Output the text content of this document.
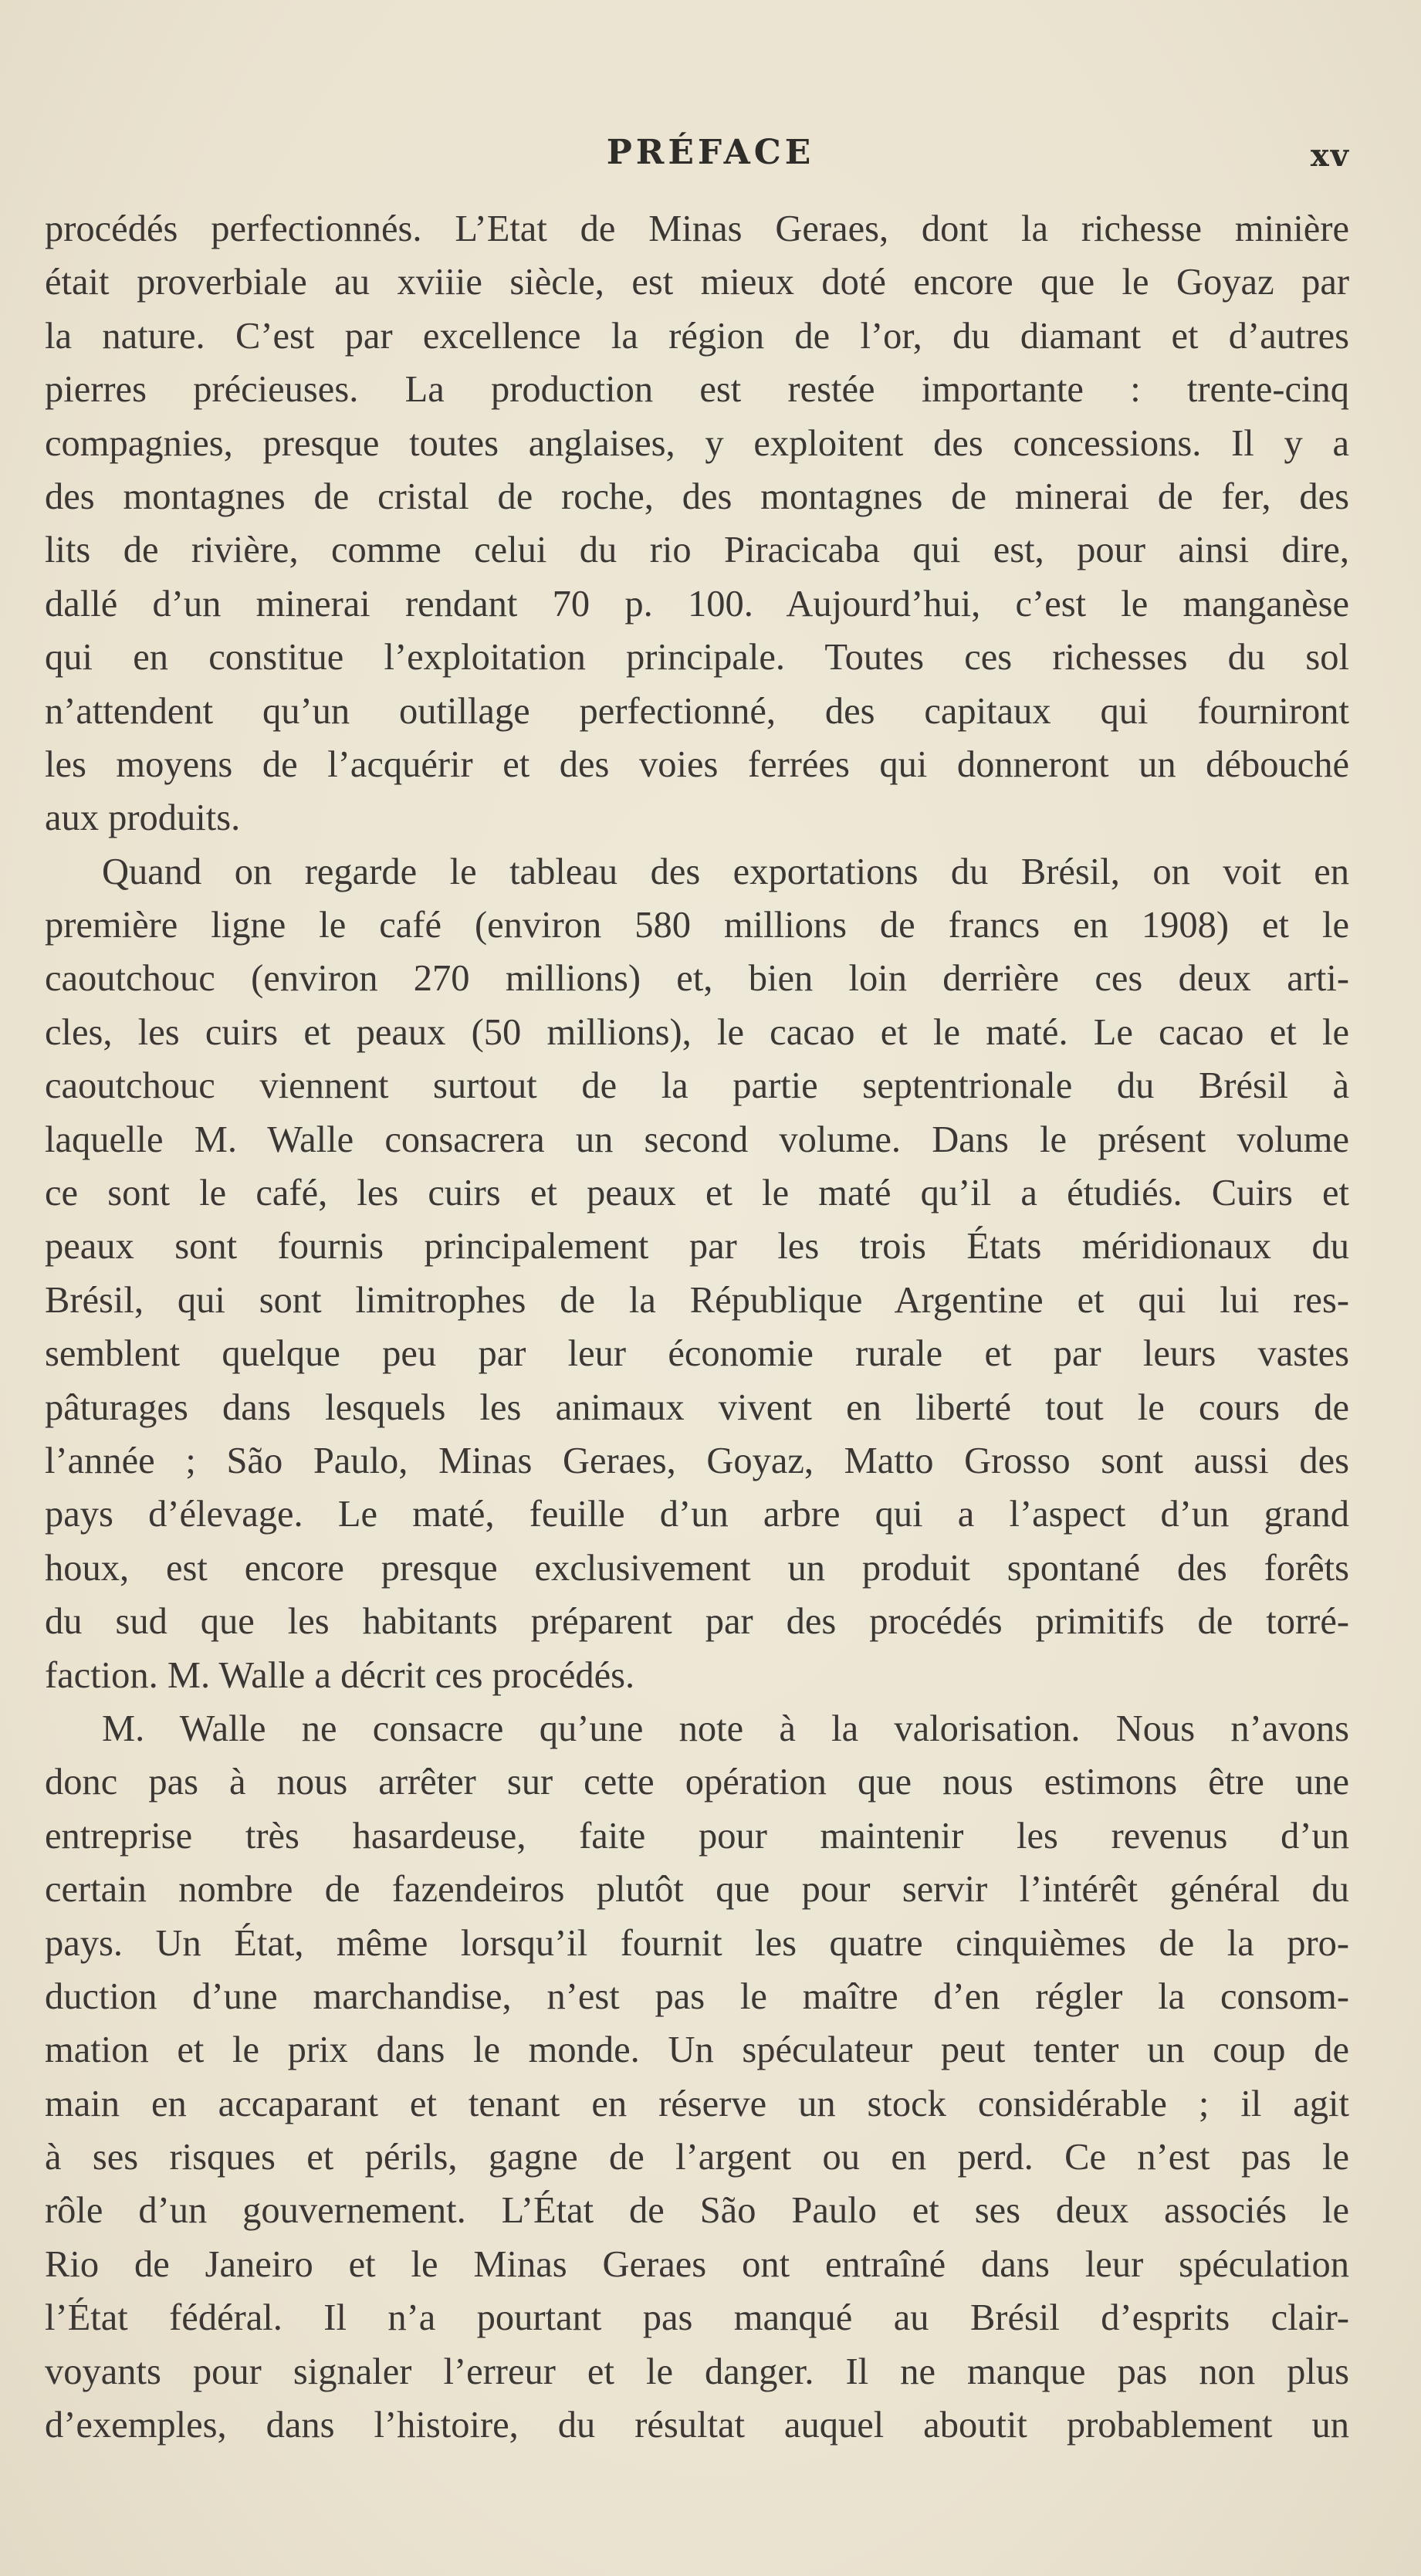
PRÉFACE	xv
procédés perfectionnés. L’Etat de Minas Geraes, dont la richesse minière
était proverbiale au xviiie siècle, est mieux doté encore que le Goyaz par
la nature. C’est par excellence la région de l’or, du diamant et d’autres
pierres précieuses. La production est restée importante : trente-cinq
compagnies, presque toutes anglaises, y exploitent des concessions. Il y a
des montagnes de cristal de roche, des montagnes de minerai de fer, des
lits de rivière, comme celui du rio Piracicaba qui est, pour ainsi dire,
dallé d’un minerai rendant 70 p. 100. Aujourd’hui, c’est le manganèse
qui en constitue l’exploitation principale. Toutes ces richesses du sol
n’attendent qu’un outillage perfectionné, des capitaux qui fourniront
les moyens de l’acquérir et des voies ferrées qui donneront un débouché
aux produits.
Quand on regarde le tableau des exportations du Brésil, on voit en
première ligne le café (environ 580 millions de francs en 1908) et le
caoutchouc (environ 270 millions) et, bien loin derrière ces deux arti-
cles, les cuirs et peaux (50 millions), le cacao et le maté. Le cacao et le
caoutchouc viennent surtout de la partie septentrionale du Brésil à
laquelle M. Walle consacrera un second volume. Dans le présent volume
ce sont le café, les cuirs et peaux et le maté qu’il a étudiés. Cuirs et
peaux sont fournis principalement par les trois États méridionaux du
Brésil, qui sont limitrophes de la République Argentine et qui lui res-
semblent quelque peu par leur économie rurale et par leurs vastes
pâturages dans lesquels les animaux vivent en liberté tout le cours de
l’année ; São Paulo, Minas Geraes, Goyaz, Matto Grosso sont aussi des
pays d’élevage. Le maté, feuille d’un arbre qui a l’aspect d’un grand
houx, est encore presque exclusivement un produit spontané des forêts
du sud que les habitants préparent par des procédés primitifs de torré-
faction. M. Walle a décrit ces procédés.
M. Walle ne consacre qu’une note à la valorisation. Nous n’avons
donc pas à nous arrêter sur cette opération que nous estimons être une
entreprise très hasardeuse, faite pour maintenir les revenus d’un
certain nombre de fazendeiros plutôt que pour servir l’intérêt général du
pays. Un État, même lorsqu’il fournit les quatre cinquièmes de la pro-
duction d’une marchandise, n’est pas le maître d’en régler la consom-
mation et le prix dans le monde. Un spéculateur peut tenter un coup de
main en accaparant et tenant en réserve un stock considérable ; il agit
à ses risques et périls, gagne de l’argent ou en perd. Ce n’est pas le
rôle d’un gouvernement. L’État de São Paulo et ses deux associés le
Rio de Janeiro et le Minas Geraes ont entraîné dans leur spéculation
l’État fédéral. Il n’a pourtant pas manqué au Brésil d’esprits clair-
voyants pour signaler l’erreur et le danger. Il ne manque pas non plus
d’exemples, dans l’histoire, du résultat auquel aboutit probablement un
